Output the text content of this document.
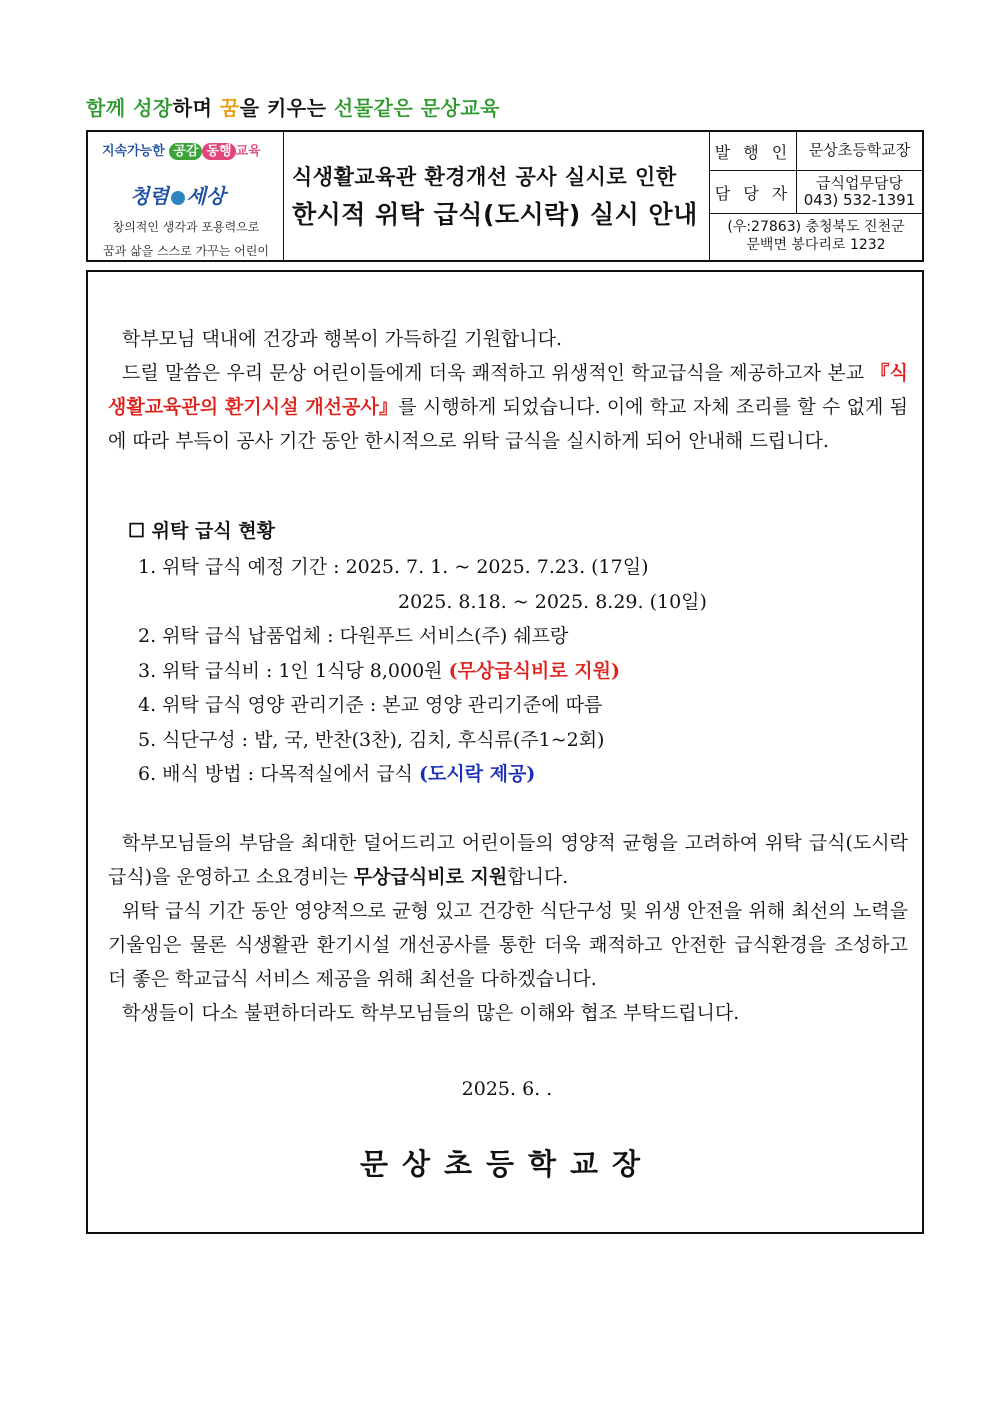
함께 성장하며 꿈을 키우는 선물같은 문상교육
지속가능한 공감 동행 교육
청렴 세상
창의적인 생각과 포용력으로
꿈과 삶을 스스로 가꾸는 어린이
식생활교육관 환경개선 공사 실시로 인한
한시적 위탁 급식(도시락) 실시 안내
발 행 인	문상초등학교장
담 당 자
급식업무담당
043) 532-1391
(우:27863) 충청북도 진천군
문백면 봉다리로 1232

학부모님 댁내에 건강과 행복이 가득하길 기원합니다.

드릴 말씀은 우리 문상 어린이들에게 더욱 쾌적하고 위생적인 학교급식을 제공하고자 본교 『식생활교육관의 환기시설 개선공사』를 시행하게 되었습니다. 이에 학교 자체 조리를 할 수 없게 됨에 따라 부득이 공사 기간 동안 한시적으로 위탁 급식을 실시하게 되어 안내해 드립니다.

☐ 위탁 급식 현황
1. 위탁 급식 예정 기간 : 2025. 7. 1. ~ 2025. 7.23. (17일)
2025. 8.18. ~ 2025. 8.29. (10일)
2. 위탁 급식 납품업체 : 다원푸드 서비스(주) 쉐프랑
3. 위탁 급식비 : 1인 1식당 8,000원 (무상급식비로 지원)
4. 위탁 급식 영양 관리기준 : 본교 영양 관리기준에 따름
5. 식단구성 : 밥, 국, 반찬(3찬), 김치, 후식류(주1~2회)
6. 배식 방법 : 다목적실에서 급식 (도시락 제공)

학부모님들의 부담을 최대한 덜어드리고 어린이들의 영양적 균형을 고려하여 위탁 급식(도시락 급식)을 운영하고 소요경비는 무상급식비로 지원합니다.

위탁 급식 기간 동안 영양적으로 균형 있고 건강한 식단구성 및 위생 안전을 위해 최선의 노력을 기울임은 물론 식생활관 환기시설 개선공사를 통한 더욱 쾌적하고 안전한 급식환경을 조성하고 더 좋은 학교급식 서비스 제공을 위해 최선을 다하겠습니다.

학생들이 다소 불편하더라도 학부모님들의 많은 이해와 협조 부탁드립니다.

2025. 6. .
문상초등학교장
